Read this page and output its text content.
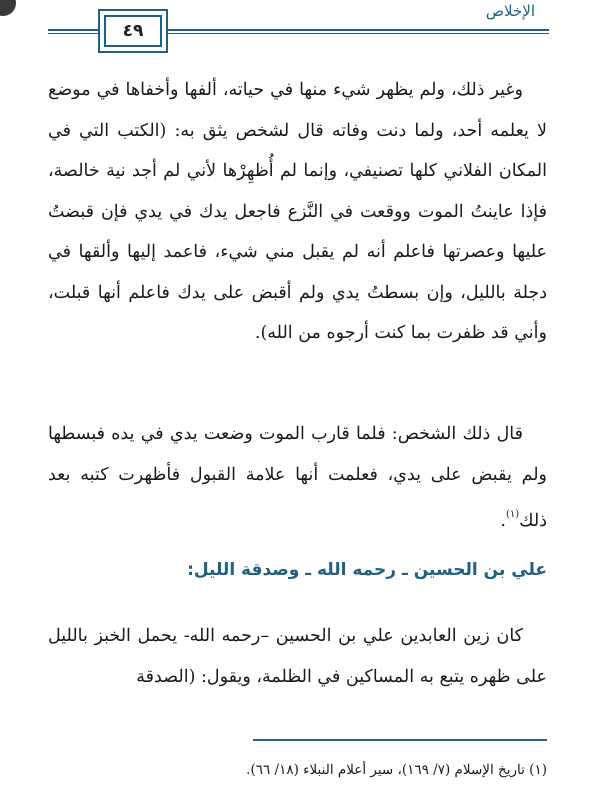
٤٩
الإخلاص

وغير ذلك، ولم يظهر شيء منها في حياته، ألفها وأخفاها في موضع لا يعلمه أحد، ولما دنت وفاته قال لشخص يثق به: (الكتب التي في المكان الفلاني كلها تصنيفي، وإنما لم أُظهِرْها لأني لم أجد نية خالصة، فإذا عاينتُ الموت ووقعت في النَّزع فاجعل يدك في يدي فإن قبضتُ عليها وعصرتها فاعلم أنه لم يقبل مني شيء، فاعمد إليها وألقها في دجلة بالليل، وإن بسطتُ يدي ولم أقبض على يدك فاعلم أنها قبلت، وأني قد ظفرت بما كنت أرجوه من الله).

قال ذلك الشخص: فلما قارب الموت وضعت يدي في يده فبسطها ولم يقبض على يدي، فعلمت أنها علامة القبول فأظهرت كتبه بعد ذلك$^{(١)}$.

علي بن الحسين ـ رحمه الله ـ وصدقة الليل:

كان زين العابدين علي بن الحسين –رحمه الله- يحمل الخبز بالليل على ظهره يتبع به المساكين في الظلمة، ويقول: (الصدقة

(١) تاريخ الإسلام (٧/ ١٦٩)، سير أعلام النبلاء (١٨/ ٦٦).
